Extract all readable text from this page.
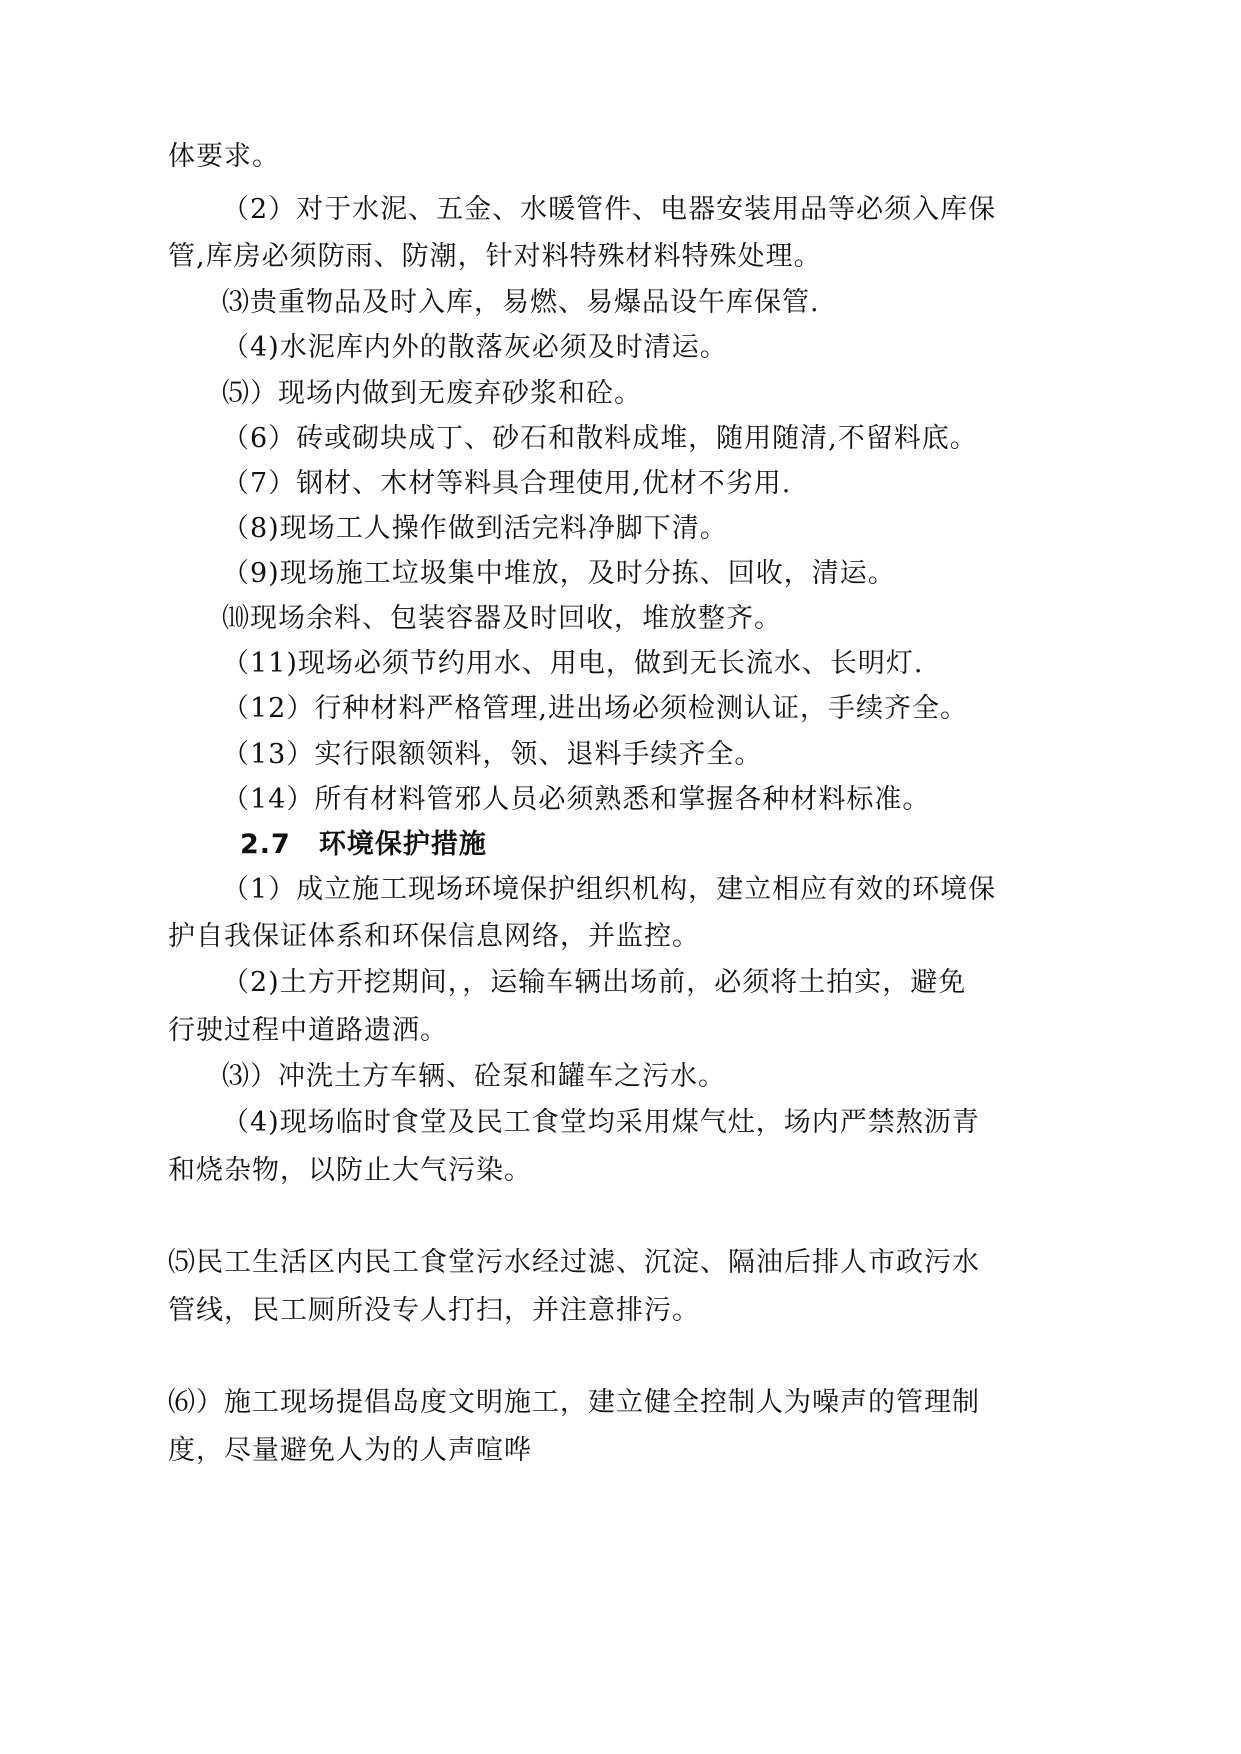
体要求。
（2）对于水泥、五金、水暖管件、电器安装用品等必须入库保
管,库房必须防雨、防潮，针对料特殊材料特殊处理。
⑶贵重物品及时入库，易燃、易爆品设午库保管.
（4)水泥库内外的散落灰必须及时清运。
⑸）现场内做到无废弃砂浆和砼。
（6）砖或砌块成丁、砂石和散料成堆，随用随清,不留料底。
（7）钢材、木材等料具合理使用,优材不劣用.
（8)现场工人操作做到活完料净脚下清。
（9)现场施工垃圾集中堆放，及时分拣、回收，清运。
⑽现场余料、包装容器及时回收，堆放整齐。
（11)现场必须节约用水、用电，做到无长流水、长明灯.
（12）行种材料严格管理,进出场必须检测认证，手续齐全。
（13）实行限额领料，领、退料手续齐全。
（14）所有材料管邪人员必须熟悉和掌握各种材料标准。
2.7　环境保护措施
（1）成立施工现场环境保护组织机构，建立相应有效的环境保
护自我保证体系和环保信息网络，并监控。
（2)土方开挖期间，，运输车辆出场前，必须将土拍实，避免
行驶过程中道路遗洒。
⑶）冲洗土方车辆、砼泵和罐车之污水。
（4)现场临时食堂及民工食堂均采用煤气灶，场内严禁熬沥青
和烧杂物，以防止大气污染。
⑸民工生活区内民工食堂污水经过滤、沉淀、隔油后排人市政污水
管线，民工厕所没专人打扫，并注意排污。
⑹）施工现场提倡岛度文明施工，建立健全控制人为噪声的管理制
度，尽量避免人为的人声喧哗
